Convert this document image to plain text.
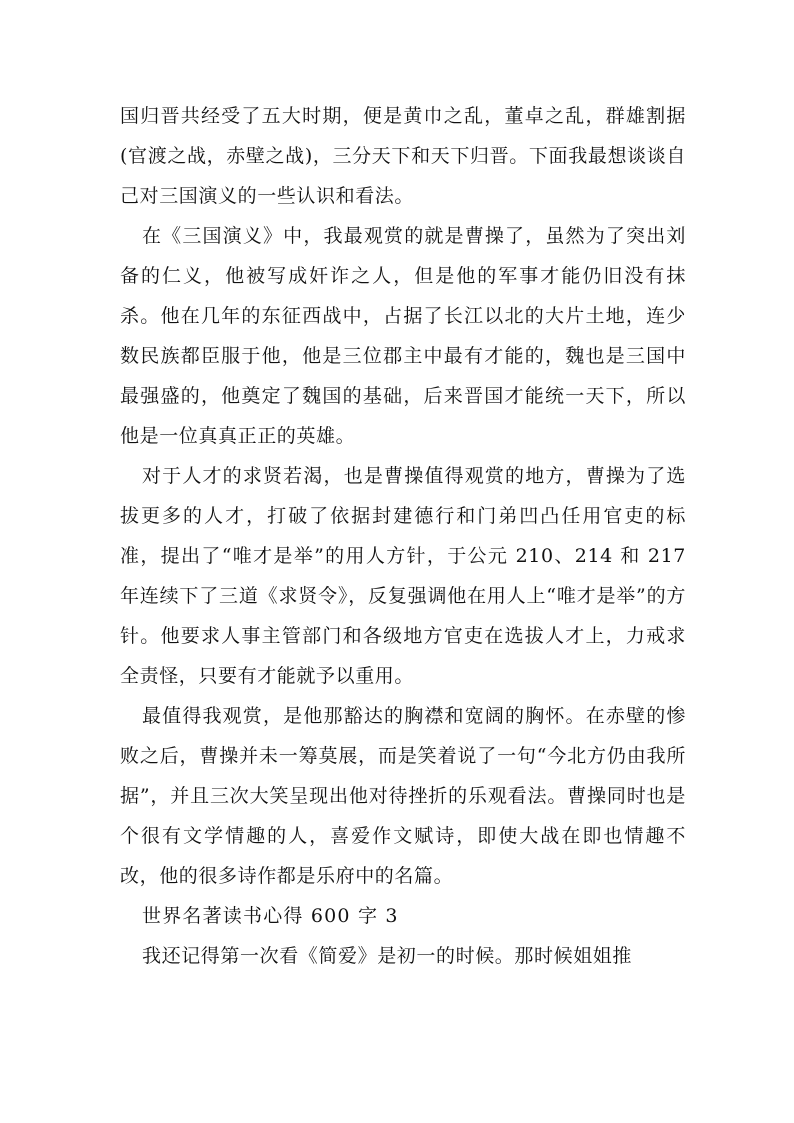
国归晋共经受了五大时期，便是黄巾之乱，董卓之乱，群雄割据(官渡之战，赤壁之战)，三分天下和天下归晋。下面我最想谈谈自己对三国演义的一些认识和看法。

在《三国演义》中，我最观赏的就是曹操了，虽然为了突出刘备的仁义，他被写成奸诈之人，但是他的军事才能仍旧没有抹杀。他在几年的东征西战中，占据了长江以北的大片土地，连少数民族都臣服于他，他是三位郡主中最有才能的，魏也是三国中最强盛的，他奠定了魏国的基础，后来晋国才能统一天下，所以他是一位真真正正的英雄。

对于人才的求贤若渴，也是曹操值得观赏的地方，曹操为了选拔更多的人才，打破了依据封建德行和门弟凹凸任用官吏的标准，提出了“唯才是举”的用人方针，于公元 210、214 和 217 年连续下了三道《求贤令》，反复强调他在用人上“唯才是举”的方针。他要求人事主管部门和各级地方官吏在选拔人才上，力戒求全责怪，只要有才能就予以重用。

最值得我观赏，是他那豁达的胸襟和宽阔的胸怀。在赤壁的惨败之后，曹操并未一筹莫展，而是笑着说了一句“今北方仍由我所据”，并且三次大笑呈现出他对待挫折的乐观看法。曹操同时也是个很有文学情趣的人，喜爱作文赋诗，即使大战在即也情趣不改，他的很多诗作都是乐府中的名篇。

世界名著读书心得 600 字 3

我还记得第一次看《简爱》是初一的时候。那时候姐姐推
